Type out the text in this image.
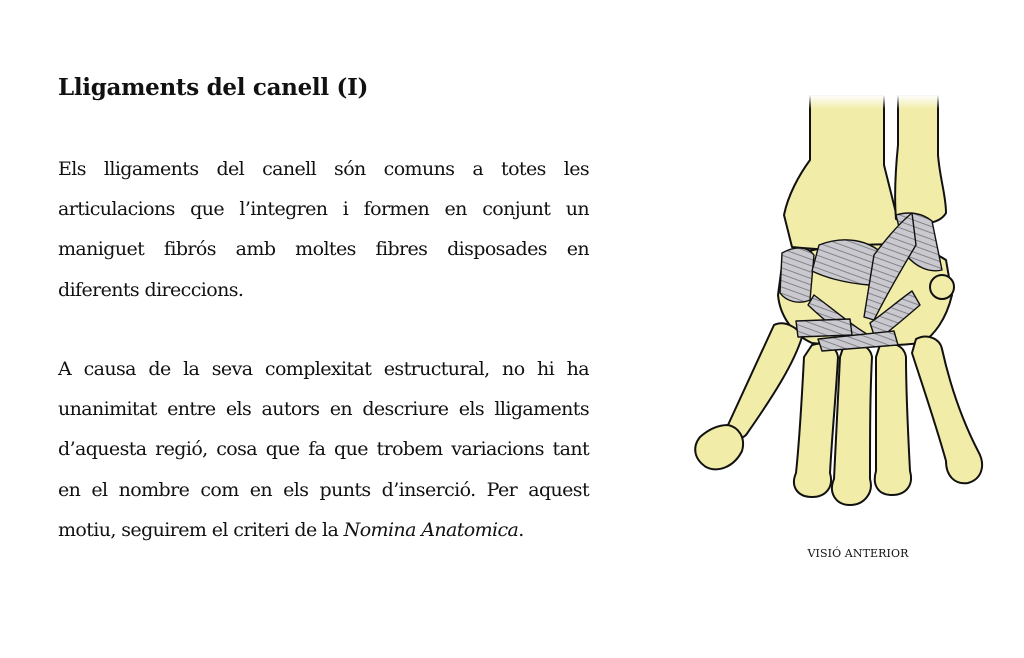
Lligaments del canell (I)

Els lligaments del canell són comuns a totes les articulacions que l’integren i formen en conjunt un maniguet fibrós amb moltes fibres disposades en diferents direccions.

A causa de la seva complexitat estructural, no hi ha unanimitat entre els autors en descriure els lligaments d’aquesta regió, cosa que fa que trobem variacions tant en el nombre com en els punts d’inserció. Per aquest motiu, seguirem el criteri de la Nomina Anatomica.

VISIÓ ANTERIOR
